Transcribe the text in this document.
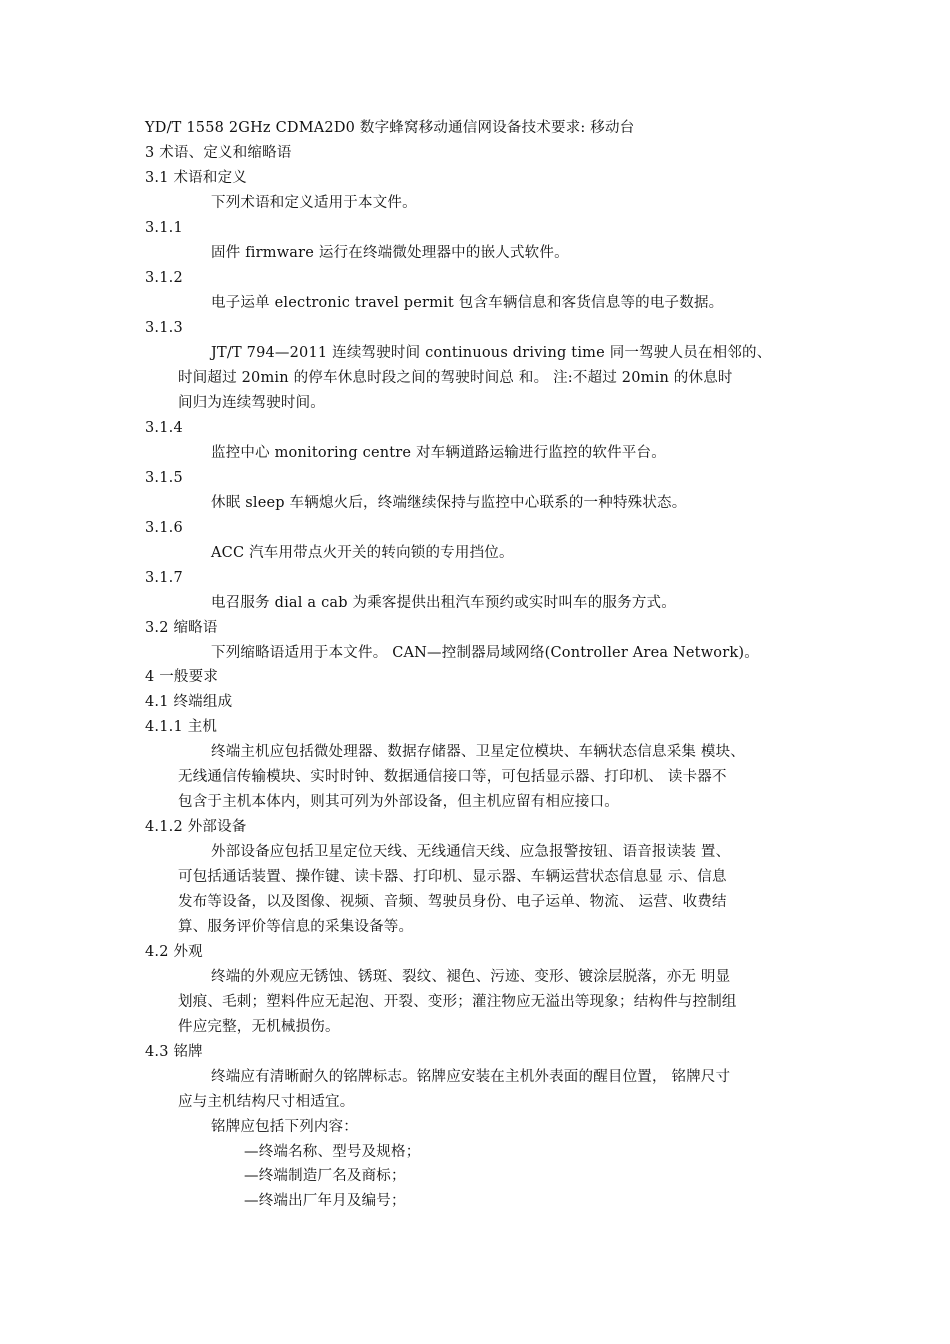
YD/T 1558 2GHz CDMA2D0 数字蜂窝移动通信网设备技术要求: 移动台
3 术语、定义和缩略语
3.1 术语和定义
下列术语和定义适用于本文件。
3.1.1
固件 firmware 运行在终端微处理器中的嵌人式软件。
3.1.2
电子运单 electronic travel permit 包含车辆信息和客货信息等的电子数据。
3.1.3
JT/T 794—2011 连续驾驶时间 continuous driving time 同一驾驶人员在相邻的、
时间超过 20min 的停车休息时段之间的驾驶时间总 和。 注:不超过 20min 的休息时
间归为连续驾驶时间。
3.1.4
监控中心 monitoring centre 对车辆道路运输进行监控的软件平台。
3.1.5
休眠 sleep 车辆熄火后，终端继续保持与监控中心联系的一种特殊状态。
3.1.6
ACC 汽车用带点火开关的转向锁的专用挡位。
3.1.7
电召服务 dial a cab 为乘客提供出租汽车预约或实时叫车的服务方式。
3.2 缩略语
下列缩略语适用于本文件。 CAN—控制器局域网络(Controller Area Network)。
4 一般要求
4.1 终端组成
4.1.1 主机
终端主机应包括微处理器、数据存储器、卫星定位模块、车辆状态信息采集 模块、
无线通信传输模块、实时时钟、数据通信接口等，可包括显示器、打印机、 读卡器不
包含于主机本体内，则其可列为外部设备，但主机应留有相应接口。
4.1.2 外部设备
外部设备应包括卫星定位天线、无线通信天线、应急报警按钮、语音报读装 置、
可包括通话装置、操作键、读卡器、打印机、显示器、车辆运营状态信息显 示、信息
发布等设备，以及图像、视频、音频、驾驶员身份、电子运单、物流、 运营、收费结
算、服务评价等信息的采集设备等。
4.2 外观
终端的外观应无锈蚀、锈斑、裂纹、褪色、污迹、变形、镀涂层脱落，亦无 明显
划痕、毛刺；塑料件应无起泡、开裂、变形；灌注物应无溢出等现象；结构件与控制组
件应完整，无机械损伤。
4.3 铭牌
终端应有清晰耐久的铭牌标志。铭牌应安装在主机外表面的醒目位置， 铭牌尺寸
应与主机结构尺寸相适宜。
铭牌应包括下列内容：
—终端名称、型号及规格；
—终端制造厂名及商标；
—终端出厂年月及编号；
